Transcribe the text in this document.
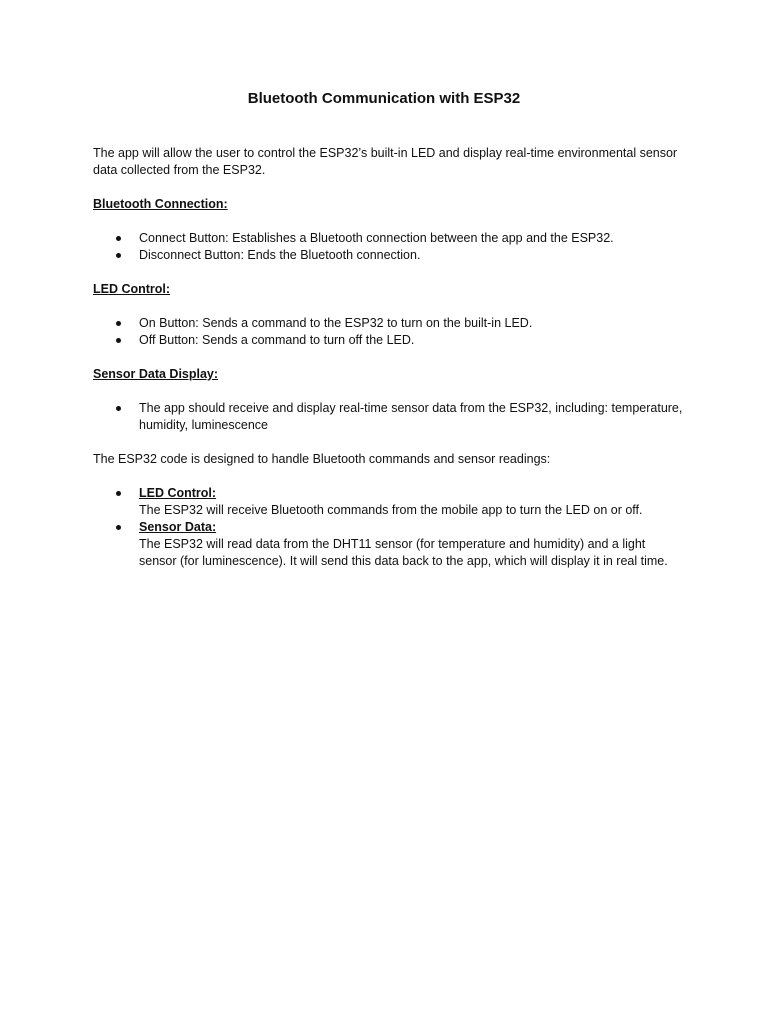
Bluetooth Communication with ESP32

The app will allow the user to control the ESP32’s built-in LED and display real-time environmental sensor data collected from the ESP32.

Bluetooth Connection:

Connect Button: Establishes a Bluetooth connection between the app and the ESP32.
Disconnect Button: Ends the Bluetooth connection.

LED Control:

On Button: Sends a command to the ESP32 to turn on the built-in LED.
Off Button: Sends a command to turn off the LED.

Sensor Data Display:

The app should receive and display real-time sensor data from the ESP32, including: temperature, humidity, luminescence

The ESP32 code is designed to handle Bluetooth commands and sensor readings:

LED Control:
The ESP32 will receive Bluetooth commands from the mobile app to turn the LED on or off.
Sensor Data:
The ESP32 will read data from the DHT11 sensor (for temperature and humidity) and a light sensor (for luminescence). It will send this data back to the app, which will display it in real time.
